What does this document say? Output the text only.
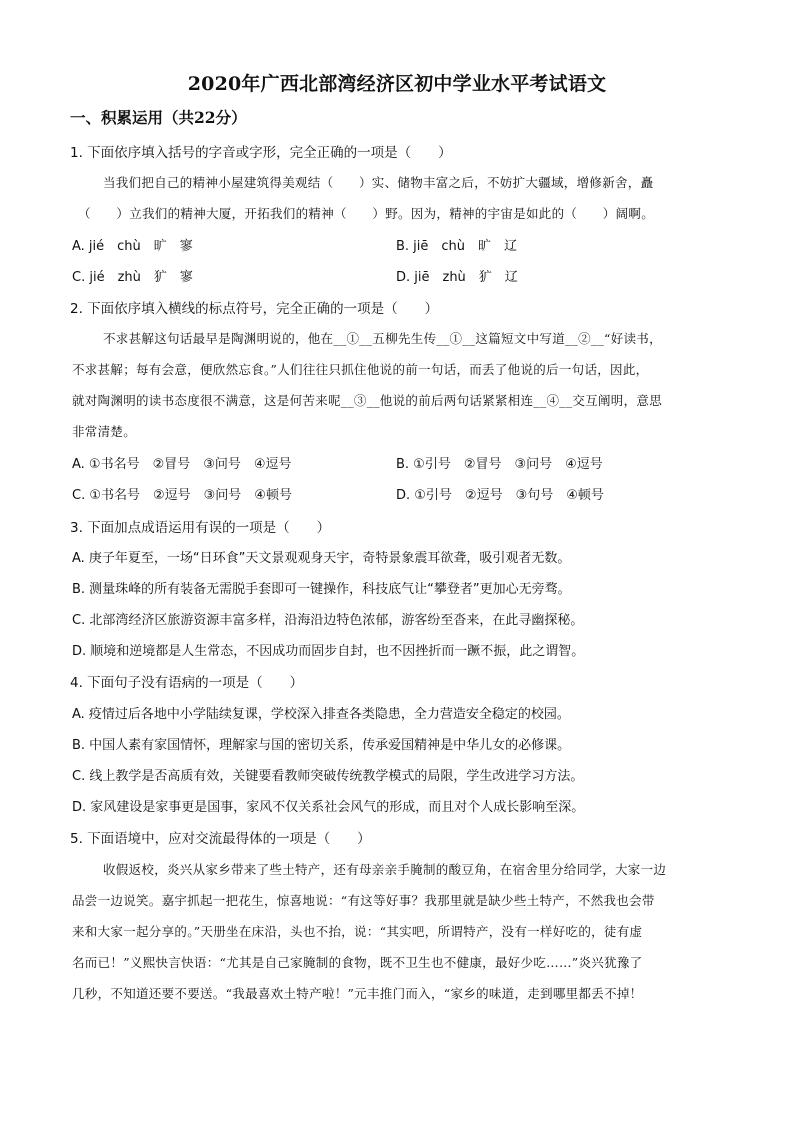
2020年广西北部湾经济区初中学业水平考试语文
一、积累运用（共22分）
1. 下面依序填入括号的字音或字形，完全正确的一项是（　　）
当我们把自己的精神小屋建筑得美观结（　　）实、储物丰富之后，不妨扩大疆域，增修新舍，矗
（　　）立我们的精神大厦，开拓我们的精神（　　）野。因为，精神的宇宙是如此的（　　）阔啊。
A. jié　chù　旷　寥	B. jiē　chù　旷　辽
C. jié　zhù　犷　寥	D. jiē　zhù　犷　辽
2. 下面依序填入横线的标点符号，完全正确的一项是（　　）
不求甚解这句话最早是陶渊明说的，他在__①__五柳先生传__①__这篇短文中写道__②__“好读书，
不求甚解；每有会意，便欣然忘食。”人们往往只抓住他说的前一句话，而丢了他说的后一句话，因此，
就对陶渊明的读书态度很不满意，这是何苦来呢__③__他说的前后两句话紧紧相连__④__交互阐明，意思
非常清楚。
A. ①书名号　②冒号　③问号　④逗号	B. ①引号　②冒号　③问号　④逗号
C. ①书名号　②逗号　③问号　④顿号	D. ①引号　②逗号　③句号　④顿号
3. 下面加点成语运用有误的一项是（　　）
A. 庚子年夏至，一场“日环食”天文景观观身天宇，奇特景象震耳欲聋，吸引观者无数。
B. 测量珠峰的所有装备无需脱手套即可一键操作，科技底气让“攀登者”更加心无旁骛。
C. 北部湾经济区旅游资源丰富多样，沿海沿边特色浓郁，游客纷至沓来，在此寻幽探秘。
D. 顺境和逆境都是人生常态，不因成功而固步自封，也不因挫折而一蹶不振，此之谓智。
4. 下面句子没有语病的一项是（　　）
A. 疫情过后各地中小学陆续复课，学校深入排查各类隐患，全力营造安全稳定的校园。
B. 中国人素有家国情怀，理解家与国的密切关系，传承爱国精神是中华儿女的必修课。
C. 线上教学是否高质有效，关键要看教师突破传统教学模式的局限，学生改进学习方法。
D. 家风建设是家事更是国事，家风不仅关系社会风气的形成，而且对个人成长影响至深。
5. 下面语境中，应对交流最得体的一项是（　　）
收假返校，炎兴从家乡带来了些土特产，还有母亲亲手腌制的酸豆角，在宿舍里分给同学，大家一边
品尝一边说笑。嘉宇抓起一把花生，惊喜地说：“有这等好事？我那里就是缺少些土特产，不然我也会带
来和大家一起分享的。”天册坐在床沿，头也不抬，说：“其实吧，所谓特产，没有一样好吃的，徒有虚
名而已！”义熙快言快语：“尤其是自己家腌制的食物，既不卫生也不健康，最好少吃……”炎兴犹豫了
几秒，不知道还要不要送。“我最喜欢土特产啦！”元丰推门而入，“家乡的味道，走到哪里都丢不掉！
